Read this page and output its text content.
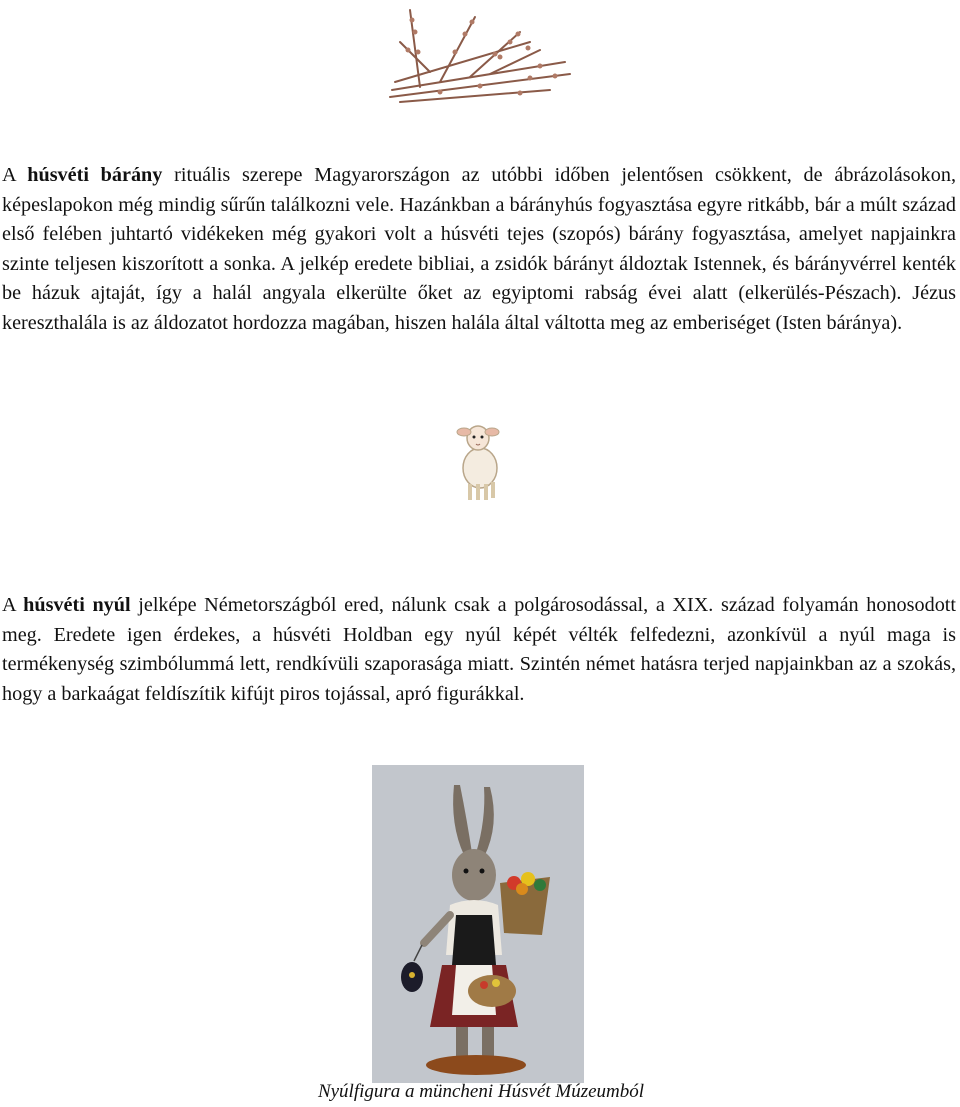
A húsvéti bárány rituális szerepe Magyarországon az utóbbi időben jelentősen csökkent, de ábrázolásokon, képeslapokon még mindig sűrűn találkozni vele. Hazánkban a bárányhús fogyasztása egyre ritkább, bár a múlt század első felében juhtartó vidékeken még gyakori volt a húsvéti tejes (szopós) bárány fogyasztása, amelyet napjainkra szinte teljesen kiszorított a sonka. A jelkép eredete bibliai, a zsidók bárányt áldoztak Istennek, és bárányvérrel kenték be házuk ajtaját, így a halál angyala elkerülte őket az egyiptomi rabság évei alatt (elkerülés-Pészach). Jézus kereszthalála is az áldozatot hordozza magában, hiszen halála által váltotta meg az emberiséget (Isten báránya).

A húsvéti nyúl jelképe Németországból ered, nálunk csak a polgárosodással, a XIX. század folyamán honosodott meg. Eredete igen érdekes, a húsvéti Holdban egy nyúl képét vélték felfedezni, azonkívül a nyúl maga is termékenység szimbólummá lett, rendkívüli szaporasága miatt. Szintén német hatásra terjed napjainkban az a szokás, hogy a barkaágat feldíszítik kifújt piros tojással, apró figurákkal.

Nyúlfigura a müncheni Húsvét Múzeumból
